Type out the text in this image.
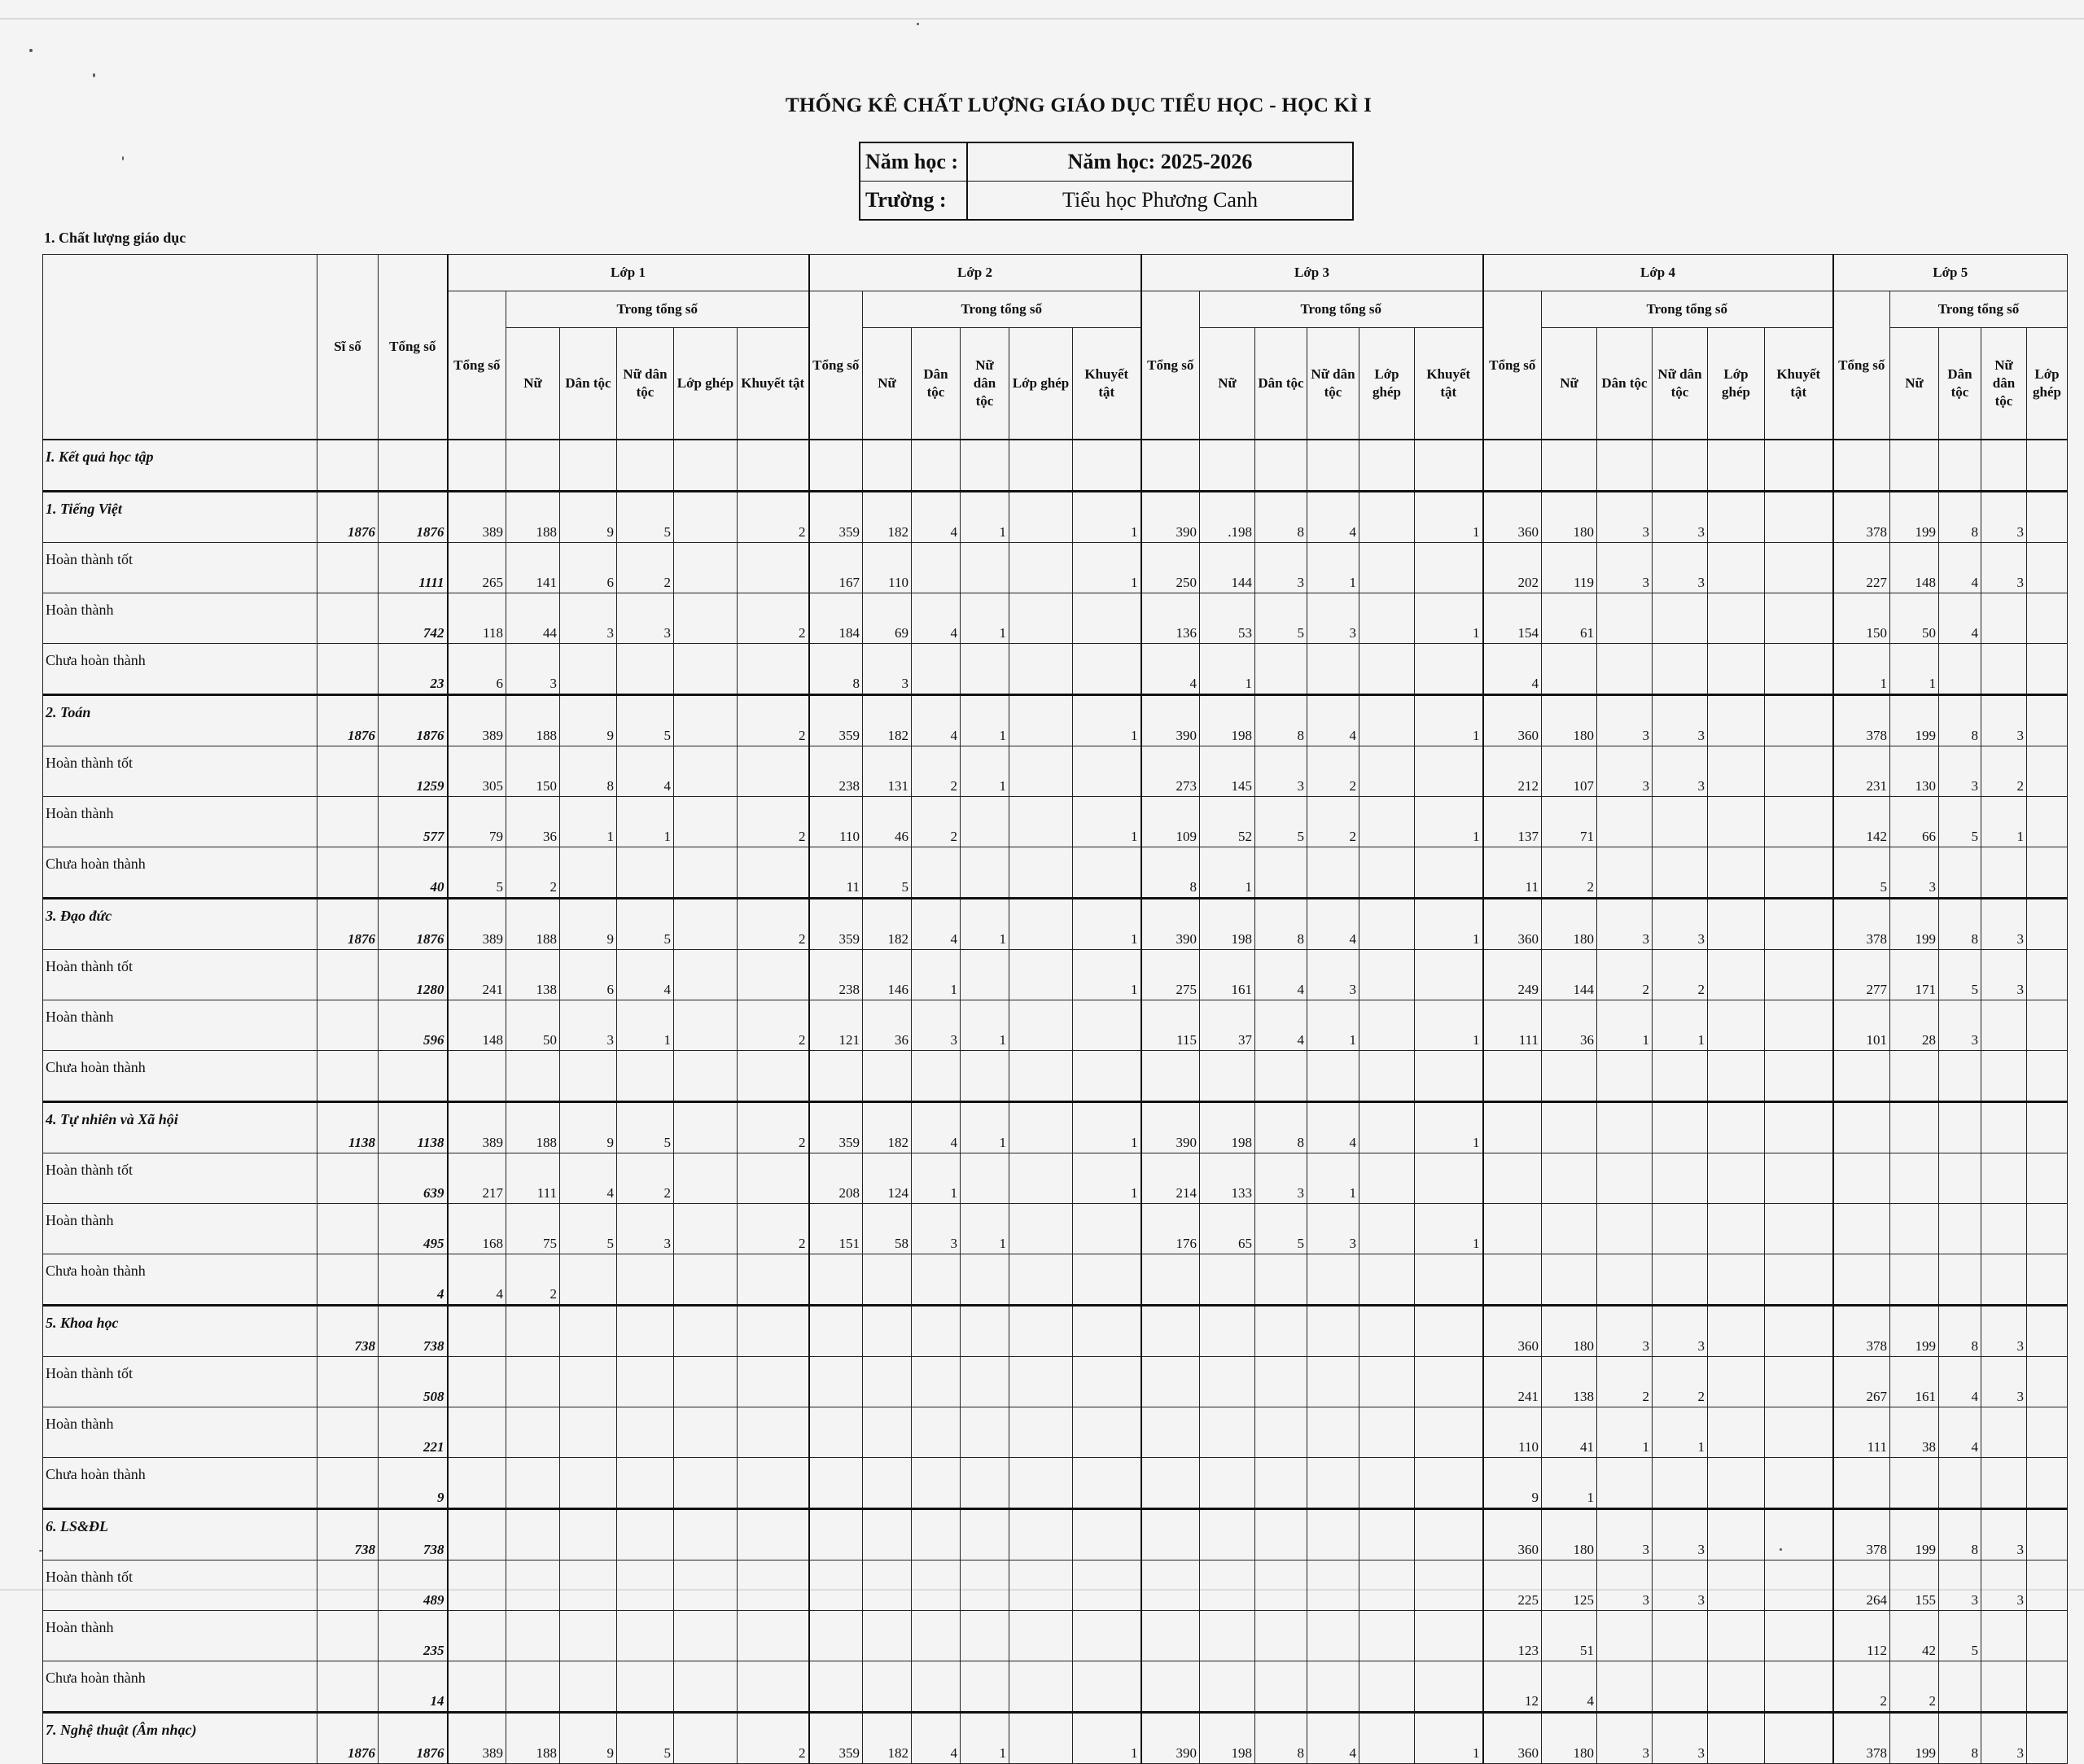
THỐNG KÊ CHẤT LƯỢNG GIÁO DỤC TIỂU HỌC - HỌC KÌ I
Năm học :	Năm học: 2025-2026
Trường :	Tiểu học Phương Canh
1. Chất lượng giáo dục
	Sĩ số	Tổng số	Lớp 1						Lớp 2						Lớp 3						Lớp 4						Lớp 5				
			Tổng số	Trong tổng số					Tổng số	Trong tổng số					Tổng số	Trong tổng số					Tổng số	Trong tổng số					Tổng số	Trong tổng số			
				Nữ	Dân tộc	Nữ dân tộc	Lớp ghép	Khuyết tật		Nữ	Dân tộc	Nữ dân tộc	Lớp ghép	Khuyết tật		Nữ	Dân tộc	Nữ dân tộc	Lớp ghép	Khuyết tật		Nữ	Dân tộc	Nữ dân tộc	Lớp ghép	Khuyết tật		Nữ	Dân tộc	Nữ dân tộc	Lớp ghép
I. Kết quả học tập																															
1. Tiếng Việt	1876	1876	389	188	9	5		2	359	182	4	1		1	390	.198	8	4		1	360	180	3	3			378	199	8	3	
Hoàn thành tốt		1111	265	141	6	2			167	110				1	250	144	3	1			202	119	3	3			227	148	4	3	
Hoàn thành		742	118	44	3	3		2	184	69	4	1			136	53	5	3		1	154	61					150	50	4		
Chưa hoàn thành		23	6	3					8	3					4	1					4						1	1			
2. Toán	1876	1876	389	188	9	5		2	359	182	4	1		1	390	198	8	4		1	360	180	3	3			378	199	8	3	
Hoàn thành tốt		1259	305	150	8	4			238	131	2	1			273	145	3	2			212	107	3	3			231	130	3	2	
Hoàn thành		577	79	36	1	1		2	110	46	2			1	109	52	5	2		1	137	71					142	66	5	1	
Chưa hoàn thành		40	5	2					11	5					8	1					11	2					5	3			
3. Đạo đức	1876	1876	389	188	9	5		2	359	182	4	1		1	390	198	8	4		1	360	180	3	3			378	199	8	3	
Hoàn thành tốt		1280	241	138	6	4			238	146	1			1	275	161	4	3			249	144	2	2			277	171	5	3	
Hoàn thành		596	148	50	3	1		2	121	36	3	1			115	37	4	1		1	111	36	1	1			101	28	3		
Chưa hoàn thành																															
4. Tự nhiên và Xã hội	1138	1138	389	188	9	5		2	359	182	4	1		1	390	198	8	4		1											
Hoàn thành tốt		639	217	111	4	2			208	124	1			1	214	133	3	1													
Hoàn thành		495	168	75	5	3		2	151	58	3	1			176	65	5	3		1											
Chưa hoàn thành		4	4	2																											
5. Khoa học	738	738																			360	180	3	3			378	199	8	3	
Hoàn thành tốt		508																			241	138	2	2			267	161	4	3	
Hoàn thành		221																			110	41	1	1			111	38	4		
Chưa hoàn thành		9																			9	1									
6. LS&ĐL	738	738																			360	180	3	3			378	199	8	3	
Hoàn thành tốt		489																			225	125	3	3			264	155	3	3	
Hoàn thành		235																			123	51					112	42	5		
Chưa hoàn thành		14																			12	4					2	2			
7. Nghệ thuật (Âm nhạc)	1876	1876	389	188	9	5		2	359	182	4	1		1	390	198	8	4		1	360	180	3	3			378	199	8	3	
